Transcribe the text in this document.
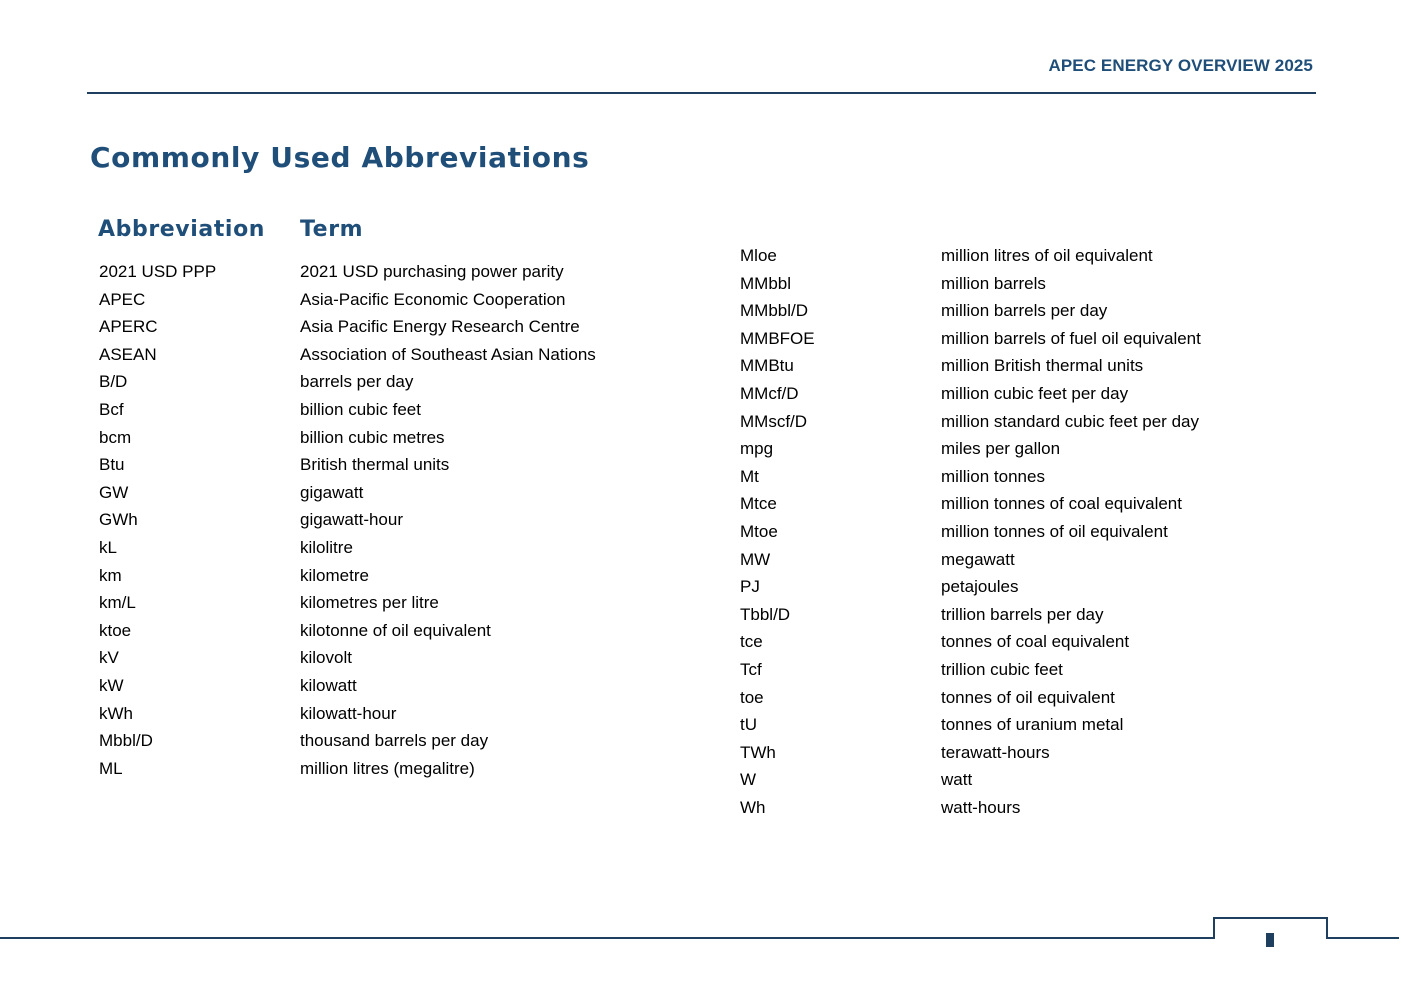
APEC ENERGY OVERVIEW 2025
Commonly Used Abbreviations
Abbreviation Term
2021 USD PPP	2021 USD purchasing power parity
APEC	Asia-Pacific Economic Cooperation
APERC	Asia Pacific Energy Research Centre
ASEAN	Association of Southeast Asian Nations
B/D	barrels per day
Bcf	billion cubic feet
bcm	billion cubic metres
Btu	British thermal units
GW	gigawatt
GWh	gigawatt-hour
kL	kilolitre
km	kilometre
km/L	kilometres per litre
ktoe	kilotonne of oil equivalent
kV	kilovolt
kW	kilowatt
kWh	kilowatt-hour
Mbbl/D	thousand barrels per day
ML	million litres (megalitre)
Mloe	million litres of oil equivalent
MMbbl	million barrels
MMbbl/D	million barrels per day
MMBFOE	million barrels of fuel oil equivalent
MMBtu	million British thermal units
MMcf/D	million cubic feet per day
MMscf/D	million standard cubic feet per day
mpg	miles per gallon
Mt	million tonnes
Mtce	million tonnes of coal equivalent
Mtoe	million tonnes of oil equivalent
MW	megawatt
PJ	petajoules
Tbbl/D	trillion barrels per day
tce	tonnes of coal equivalent
Tcf	trillion cubic feet
toe	tonnes of oil equivalent
tU	tonnes of uranium metal
TWh	terawatt-hours
W	watt
Wh	watt-hours
